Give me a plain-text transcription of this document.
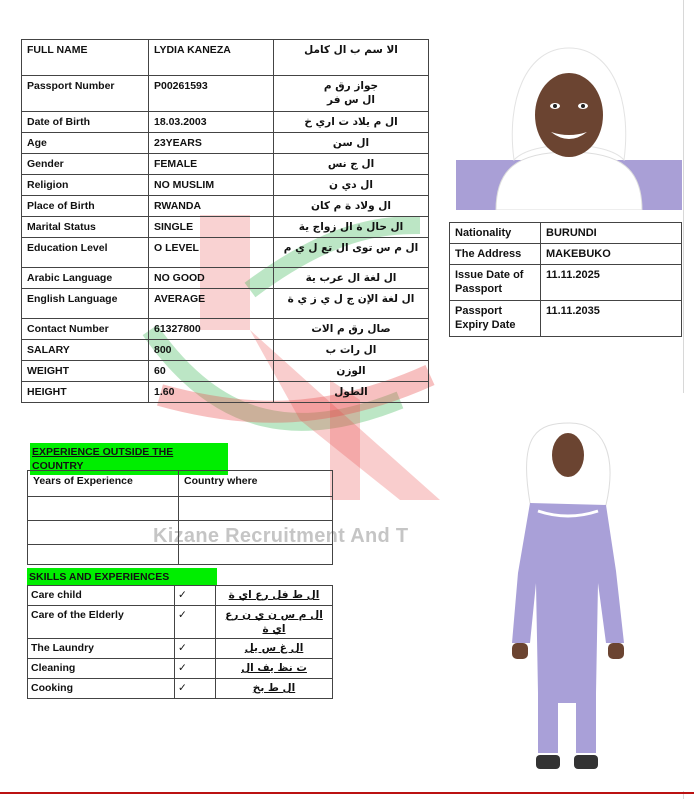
Kizane Recruitment And T
FULL NAME	LYDIA KANEZA	الا سم ب ال كامل
Passport Number	P00261593	جواز رق م
ال س فر
Date of Birth	18.03.2003	ال م يلاد ت اري خ
Age	23YEARS	ال سن
Gender	FEMALE	ال ج نس
Religion	NO MUSLIM	ال دي ن
Place of Birth	RWANDA	ال ولاد ة م كان
Marital Status	SINGLE	ال حال ة ال زواج ية
Education Level	O LEVEL	ال م س توى ال تع ل ي م
Arabic Language	NO GOOD	ال لغة ال عرب ية
English Language	AVERAGE	ال لغة الإن ج ل ي ز ي ة
Contact Number	61327800	صال رق م الات
SALARY	800	ال رات ب
WEIGHT	60	الوزن
HEIGHT	1.60	الطول
Nationality	BURUNDI
The Address	MAKEBUKO
Issue Date of Passport	11.11.2025
Passport Expiry Date	11.11.2035
EXPERIENCE OUTSIDE THE COUNTRY
Years of Experience	Country where

SKILLS AND EXPERIENCES
Care child	✓	ال ط فل رع اي ة
Care of the Elderly	✓	ال م س ن ي ن رع اي ة
The Laundry	✓	ال غ س يل
Cleaning	✓	ت نظ يف ال
Cooking	✓	ال ط بخ
